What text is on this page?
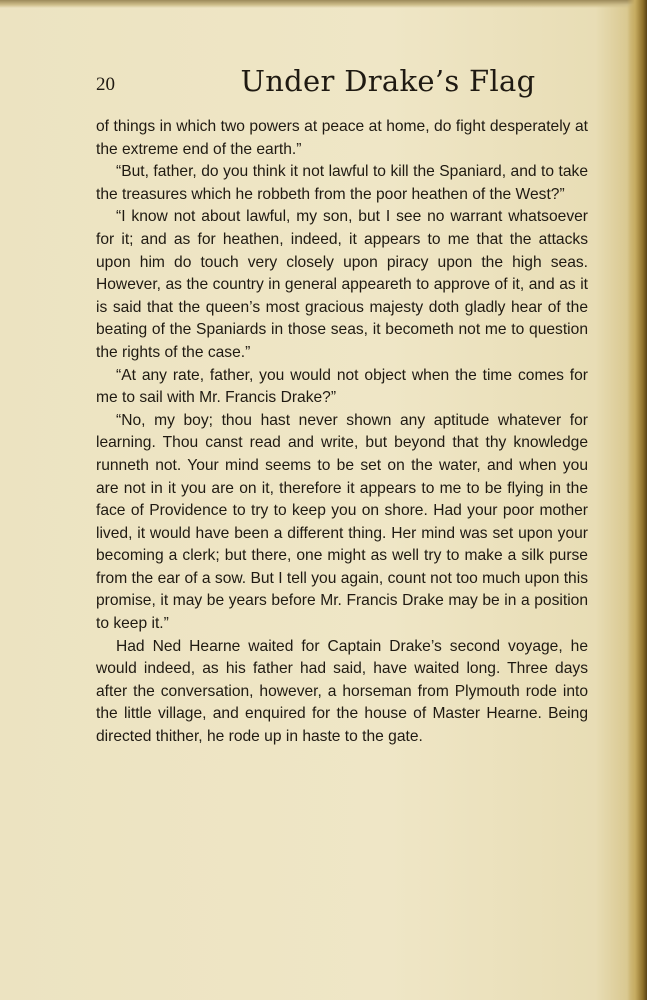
20	Under Drake’s Flag

of things in which two powers at peace at home, do fight desperately at the extreme end of the earth.”

“But, father, do you think it not lawful to kill the Spaniard, and to take the treasures which he robbeth from the poor heathen of the West?”

“I know not about lawful, my son, but I see no warrant whatsoever for it; and as for heathen, indeed, it appears to me that the attacks upon him do touch very closely upon piracy upon the high seas. However, as the country in general appeareth to approve of it, and as it is said that the queen’s most gracious majesty doth gladly hear of the beating of the Spaniards in those seas, it becometh not me to question the rights of the case.”

“At any rate, father, you would not object when the time comes for me to sail with Mr. Francis Drake?”

“No, my boy; thou hast never shown any aptitude whatever for learning. Thou canst read and write, but beyond that thy knowledge runneth not. Your mind seems to be set on the water, and when you are not in it you are on it, therefore it appears to me to be flying in the face of Providence to try to keep you on shore. Had your poor mother lived, it would have been a different thing. Her mind was set upon your becoming a clerk; but there, one might as well try to make a silk purse from the ear of a sow. But I tell you again, count not too much upon this promise, it may be years before Mr. Francis Drake may be in a position to keep it.”

Had Ned Hearne waited for Captain Drake’s second voyage, he would indeed, as his father had said, have waited long. Three days after the conversation, however, a horseman from Plymouth rode into the little village, and enquired for the house of Master Hearne. Being directed thither, he rode up in haste to the gate.
